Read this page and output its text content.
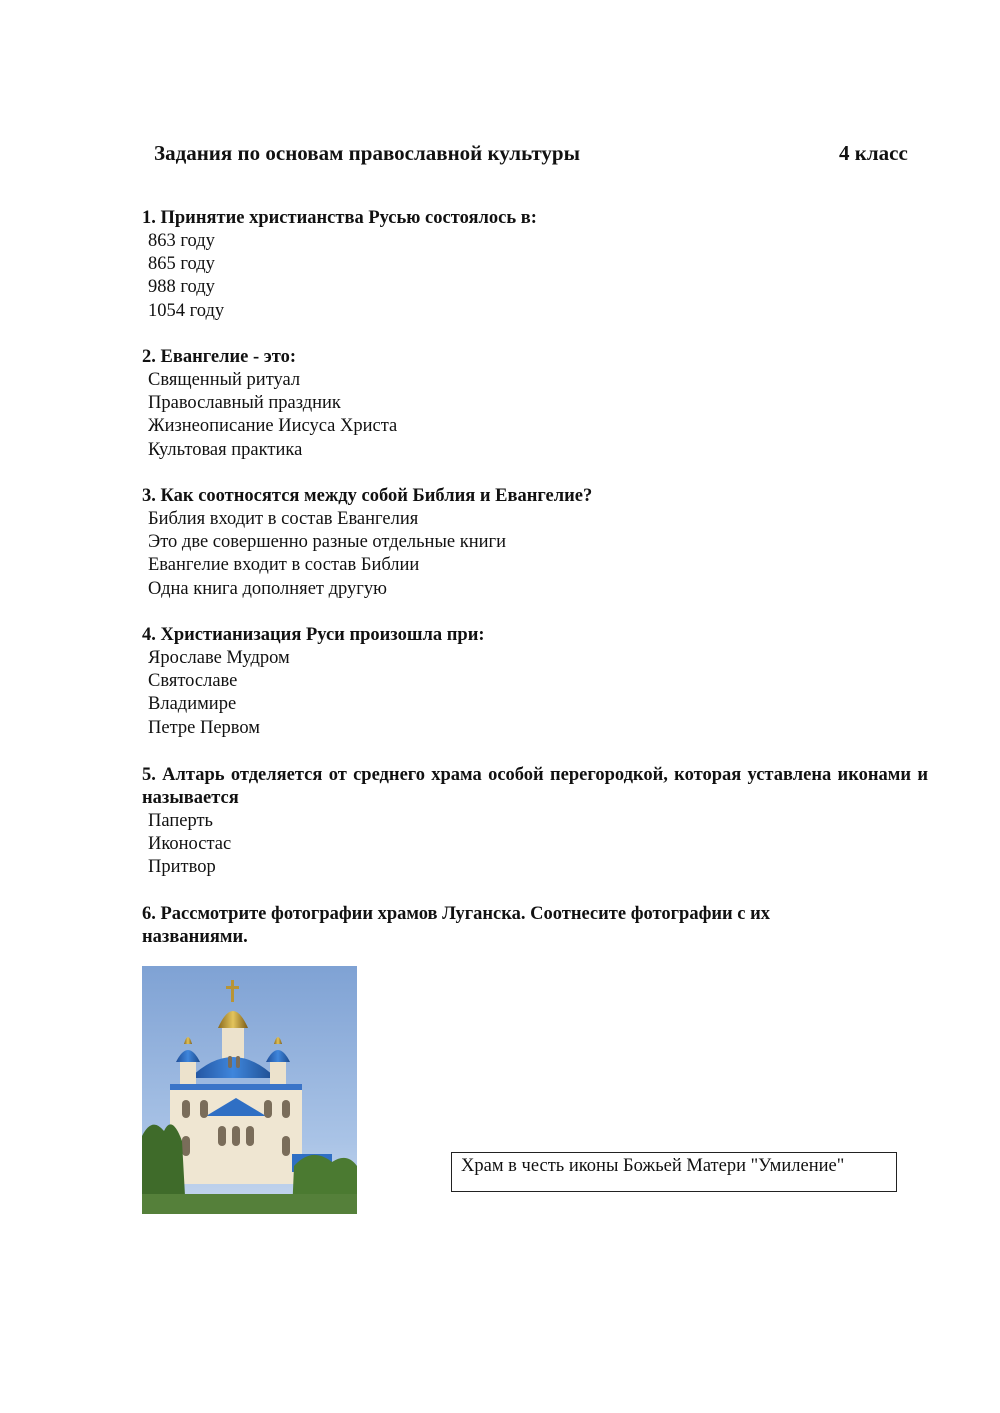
Задания по основам православной культуры	4 класс
1. Принятие христианства Русью состоялось в:
863 году
865 году
988 году
1054 году
2. Евангелие - это:
Священный ритуал
Православный праздник
Жизнеописание Иисуса Христа
Культовая практика
3. Как соотносятся между собой Библия и Евангелие?
Библия входит в состав Евангелия
Это две совершенно разные отдельные книги
Евангелие входит в состав Библии
Одна книга дополняет другую
4. Христианизация Руси произошла при:
Ярославе Мудром
Святославе
Владимире
Петре Первом
5. Алтарь отделяется от среднего храма особой перегородкой, которая уставлена иконами и называется
Паперть
Иконостас
Притвор
6. Рассмотрите фотографии храмов Луганска. Соотнесите фотографии с их названиями.
Храм в честь иконы Божьей Матери "Умиление"
